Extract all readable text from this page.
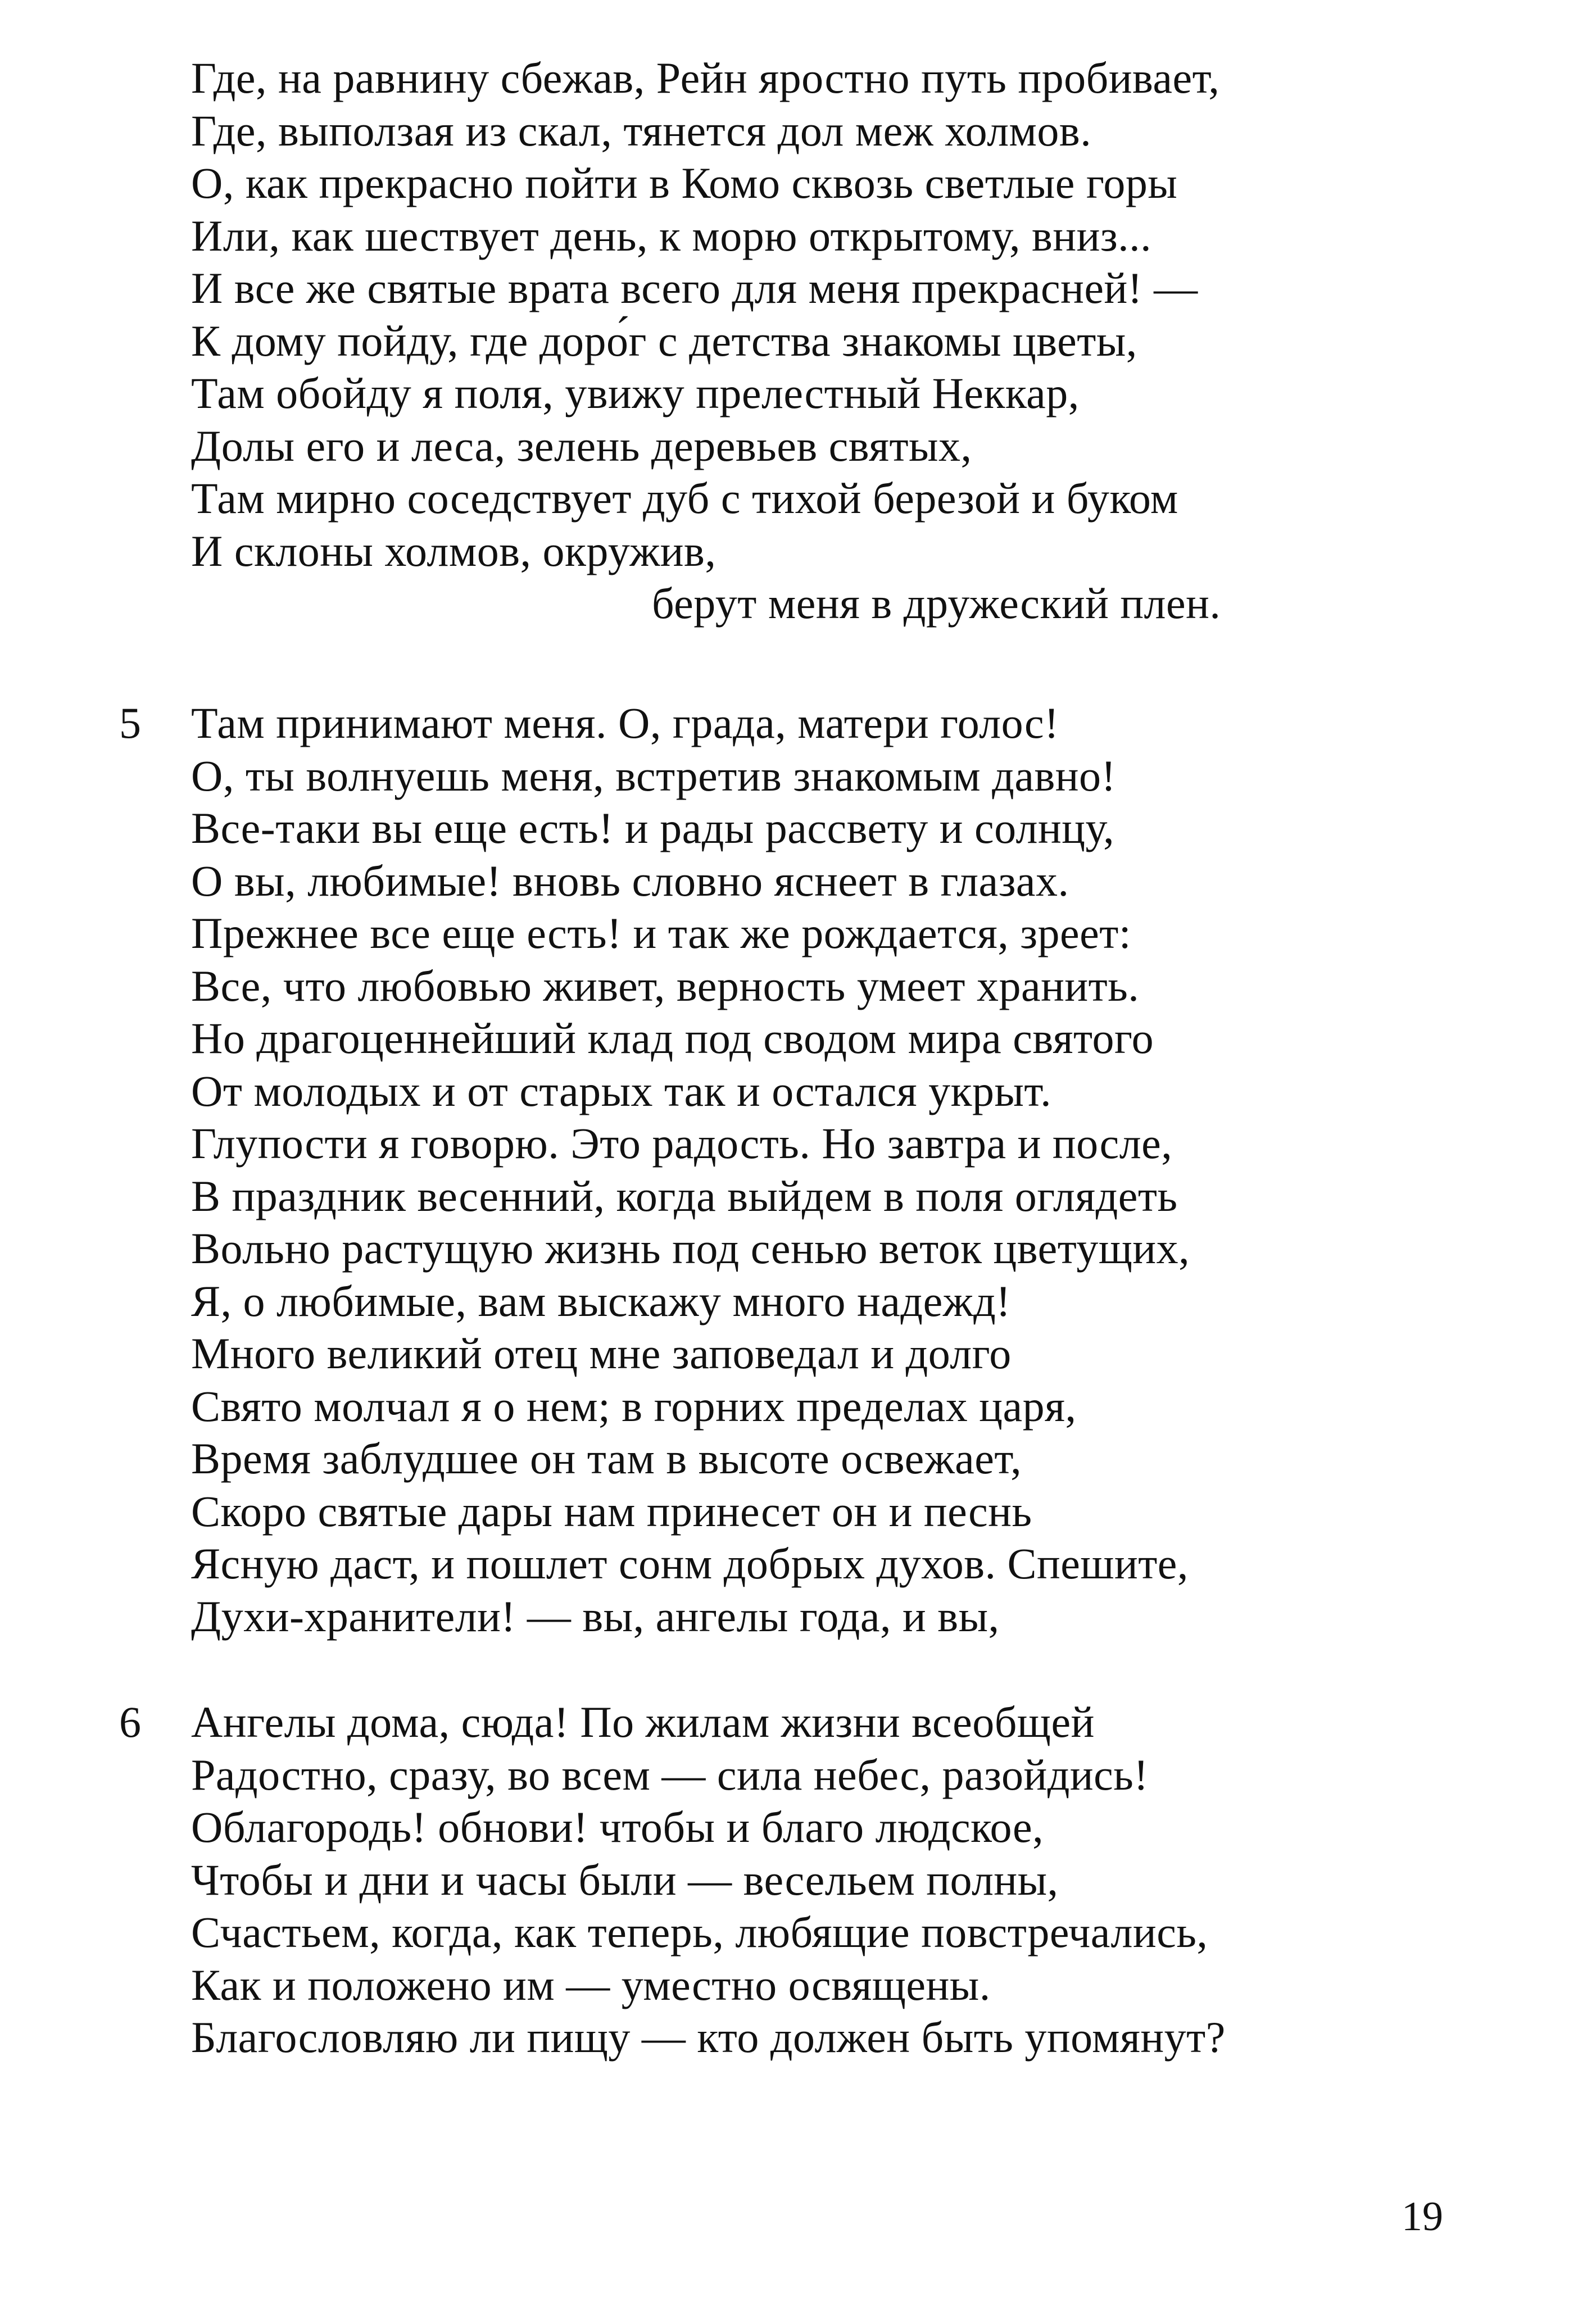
Где, на равнину сбежав, Рейн яростно путь пробивает,
Где, выползая из скал, тянется дол меж холмов.
О, как прекрасно пойти в Комо сквозь светлые горы
Или, как шествует день, к морю открытому, вниз...
И все же святые врата всего для меня прекрасней! —
К дому пойду, где доро́г с детства знакомы цветы,
Там обойду я поля, увижу прелестный Неккар,
Долы его и леса, зелень деревьев святых,
Там мирно соседствует дуб с тихой березой и буком
И склоны холмов, окружив,
берут меня в дружеский плен.
5 Там принимают меня. О, града, матери голос!
О, ты волнуешь меня, встретив знакомым давно!
Все-таки вы еще есть! и рады рассвету и солнцу,
О вы, любимые! вновь словно яснеет в глазах.
Прежнее все еще есть! и так же рождается, зреет:
Все, что любовью живет, верность умеет хранить.
Но драгоценнейший клад под сводом мира святого
От молодых и от старых так и остался укрыт.
Глупости я говорю. Это радость. Но завтра и после,
В праздник весенний, когда выйдем в поля оглядеть
Вольно растущую жизнь под сенью веток цветущих,
Я, о любимые, вам выскажу много надежд!
Много великий отец мне заповедал и долго
Свято молчал я о нем; в горних пределах царя,
Время заблудшее он там в высоте освежает,
Скоро святые дары нам принесет он и песнь
Ясную даст, и пошлет сонм добрых духов. Спешите,
Духи-хранители! — вы, ангелы года, и вы,
6 Ангелы дома, сюда! По жилам жизни всеобщей
Радостно, сразу, во всем — сила небес, разойдись!
Облагородь! обнови! чтобы и благо людское,
Чтобы и дни и часы были — весельем полны,
Счастьем, когда, как теперь, любящие повстречались,
Как и положено им — уместно освящены.
Благословляю ли пищу — кто должен быть упомянут?
19
